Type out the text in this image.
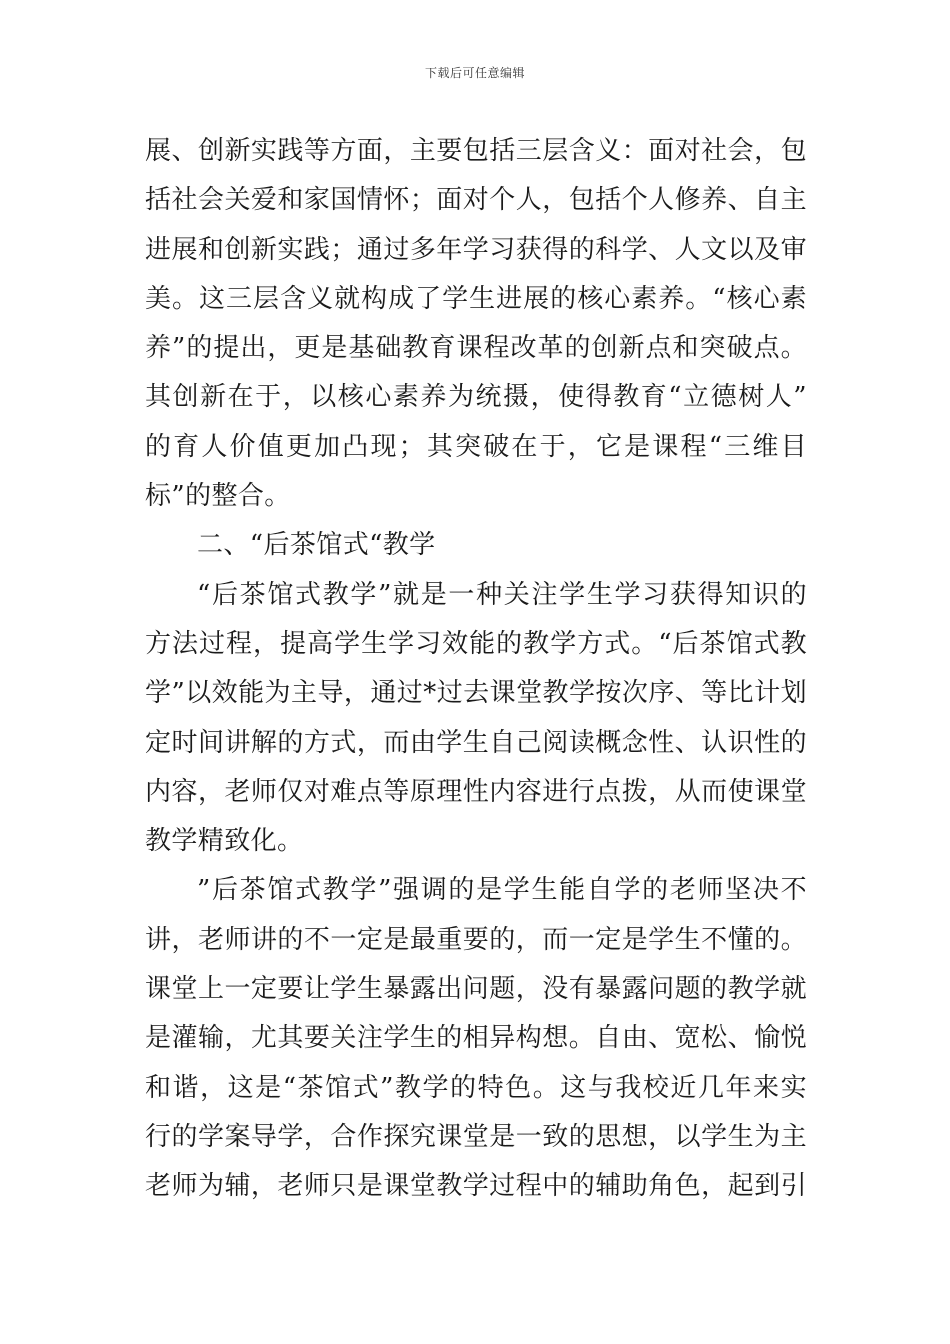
下载后可任意编辑
展、创新实践等方面，主要包括三层含义：面对社会，包
括社会关爱和家国情怀；面对个人，包括个人修养、自主
进展和创新实践；通过多年学习获得的科学、人文以及审
美。这三层含义就构成了学生进展的核心素养。“核心素
养”的提出，更是基础教育课程改革的创新点和突破点。
其创新在于，以核心素养为统摄，使得教育“立德树人”
的育人价值更加凸现；其突破在于，它是课程“三维目
标”的整合。
二、“后茶馆式“教学
“后茶馆式教学”就是一种关注学生学习获得知识的
方法过程，提高学生学习效能的教学方式。“后茶馆式教
学”以效能为主导，通过*过去课堂教学按次序、等比计划
定时间讲解的方式，而由学生自己阅读概念性、认识性的
内容，老师仅对难点等原理性内容进行点拨，从而使课堂
教学精致化。
”后茶馆式教学”强调的是学生能自学的老师坚决不
讲，老师讲的不一定是最重要的，而一定是学生不懂的。
课堂上一定要让学生暴露出问题，没有暴露问题的教学就
是灌输，尤其要关注学生的相异构想。自由、宽松、愉悦
和谐，这是“茶馆式”教学的特色。这与我校近几年来实
行的学案导学，合作探究课堂是一致的思想，以学生为主
老师为辅，老师只是课堂教学过程中的辅助角色，起到引
